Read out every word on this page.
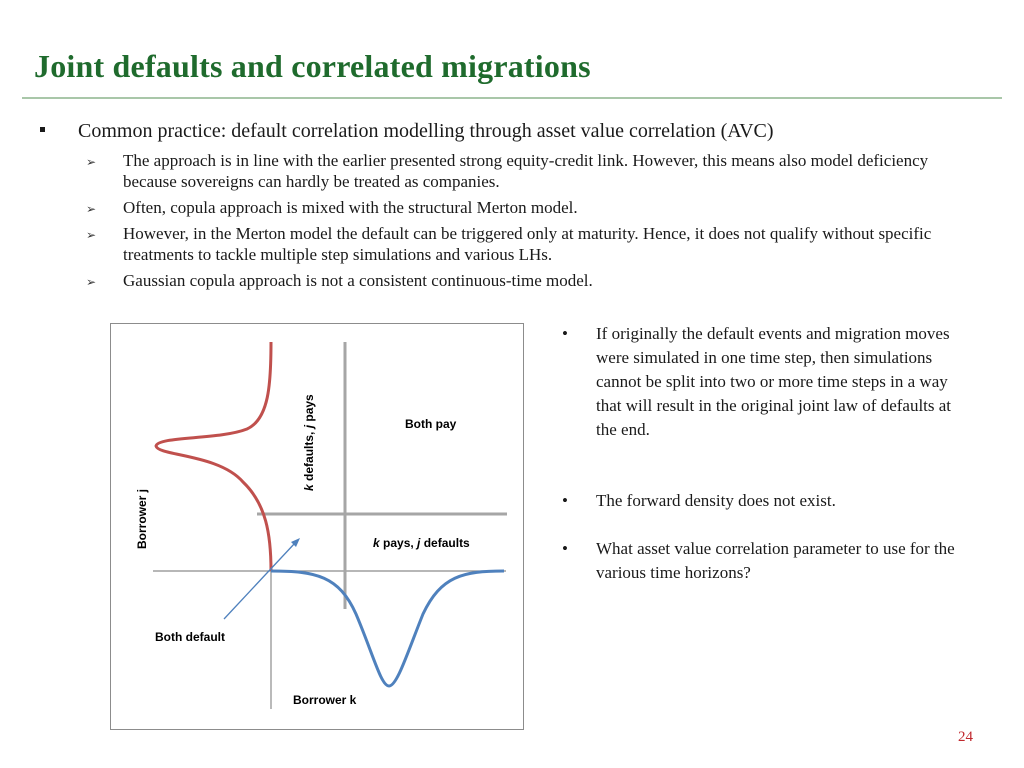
Joint defaults and correlated migrations
Common practice: default correlation modelling through asset value correlation (AVC)
➢	The approach is in line with the earlier presented strong equity-credit link. However, this means also model deficiency because sovereigns can hardly be treated as companies.
➢	Often, copula approach is mixed with the structural Merton model.
➢	However, in the Merton model the default can be triggered only at maturity. Hence, it does not qualify without specific treatments to tackle multiple step simulations and various LHs.
➢	Gaussian copula approach is not a consistent continuous-time model.
k defaults, j pays	Both pay
k pays, j defaults
Both default
Borrower j
Borrower k
• If originally the default events and migration moves were simulated in one time step, then simulations cannot be split into two or more time steps in a way that will result in the original joint law of defaults at the end.
• The forward density does not exist.
• What asset value correlation parameter to use for the various time horizons?
24
